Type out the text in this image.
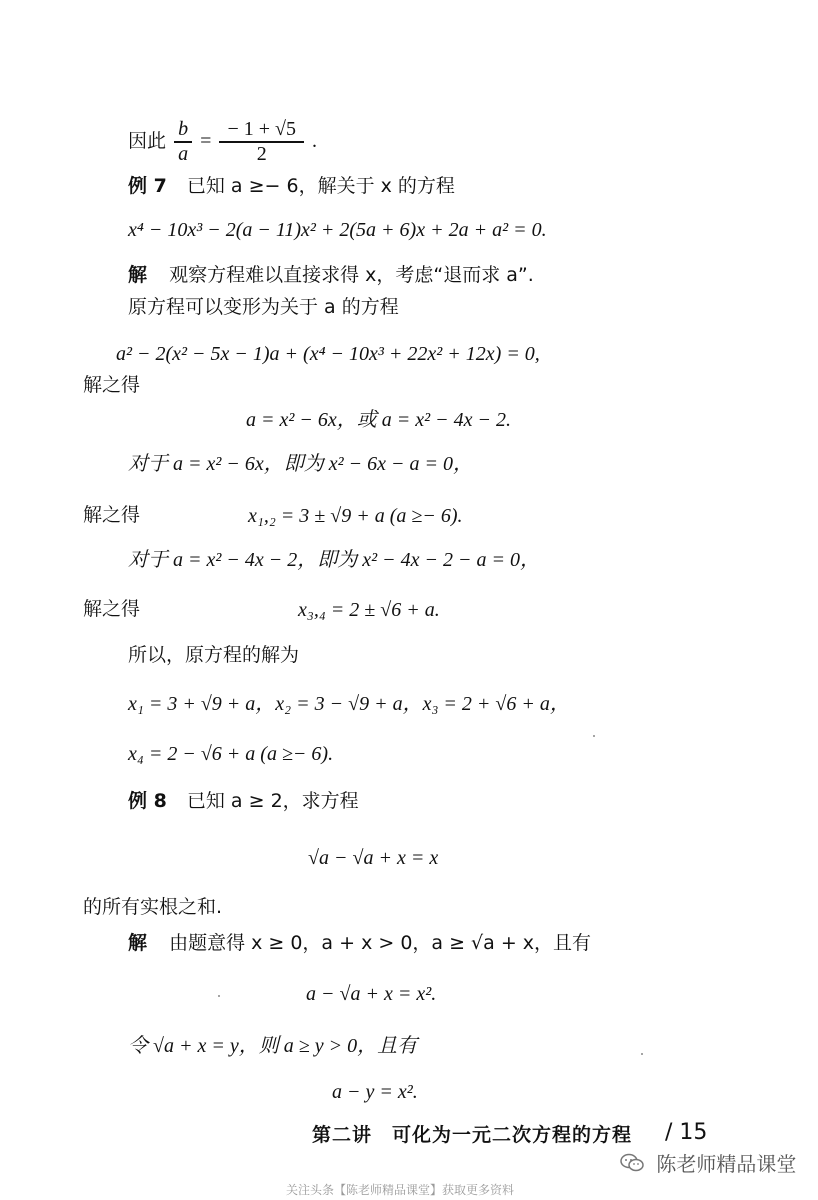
因此 $\frac{b}{a} = \frac{- 1 + √5}{2}$ .
例 7 已知 a ≥− 6，解关于 x 的方程
x⁴ − 10x³ − 2(a − 11)x² + 2(5a + 6)x + 2a + a² = 0.
解 观察方程难以直接求得 x，考虑“退而求 a”.
原方程可以变形为关于 a 的方程
a² − 2(x² − 5x − 1)a + (x⁴ − 10x³ + 22x² + 12x) = 0,
解之得
a = x² − 6x，或 a = x² − 4x − 2.
对于 a = x² − 6x，即为 x² − 6x − a = 0，
解之得	x₁,₂ = 3 ± √9 + a (a ≥− 6).
对于 a = x² − 4x − 2，即为 x² − 4x − 2 − a = 0，
解之得	x₃,₄ = 2 ± √6 + a.
所以，原方程的解为
x₁ = 3 + √9 + a，x₂ = 3 − √9 + a，x₃ = 2 + √6 + a，
x₄ = 2 − √6 + a (a ≥− 6).
例 8 已知 a ≥ 2，求方程
√a − √a + x = x
的所有实根之和.
解 由题意得 x ≥ 0，a + x > 0，a ≥ √a + x，且有
a − √a + x = x².
令 √a + x = y，则 a ≥ y > 0，且有
a − y = x².
第二讲　可化为一元二次方程的方程 / 15
陈老师精品课堂
关注头条【陈老师精品课堂】获取更多资料
